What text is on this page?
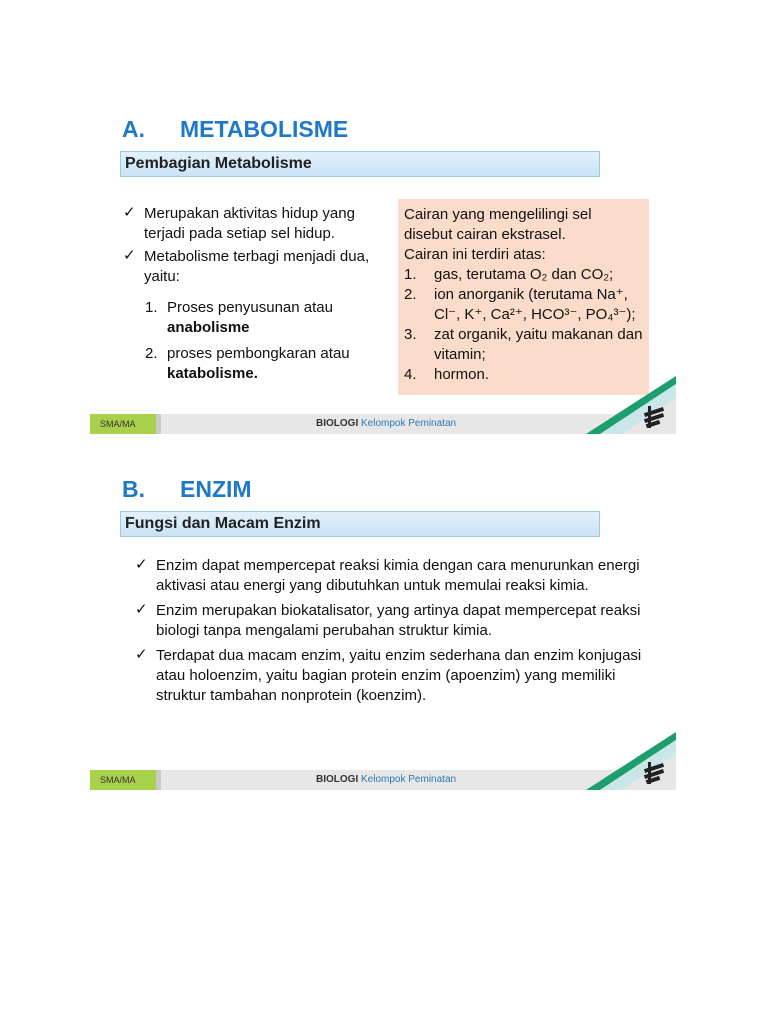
A. METABOLISME
Pembagian Metabolisme
✓ Merupakan aktivitas hidup yang terjadi pada setiap sel hidup.
✓ Metabolisme terbagi menjadi dua, yaitu:
1. Proses penyusunan atau
anabolisme
2. proses pembongkaran atau
katabolisme.

Cairan yang mengelilingi sel disebut cairan ekstrasel.

Cairan ini terdiri atas:

1. gas, terutama O₂ dan CO₂;
2. ion anorganik (terutama Na⁺, Cl⁻, K⁺, Ca²⁺, HCO³⁻, PO₄³⁻);
3. zat organik, yaitu makanan dan vitamin;
4. hormon.
SMA/MA	BIOLOGI Kelompok Peminatan
B. ENZIM
Fungsi dan Macam Enzim
✓ Enzim dapat mempercepat reaksi kimia dengan cara menurunkan energi aktivasi atau energi yang dibutuhkan untuk memulai reaksi kimia.
✓ Enzim merupakan biokatalisator, yang artinya dapat mempercepat reaksi biologi tanpa mengalami perubahan struktur kimia.
✓ Terdapat dua macam enzim, yaitu enzim sederhana dan enzim konjugasi atau holoenzim, yaitu bagian protein enzim (apoenzim) yang memiliki struktur tambahan nonprotein (koenzim).
SMA/MA	BIOLOGI Kelompok Peminatan
